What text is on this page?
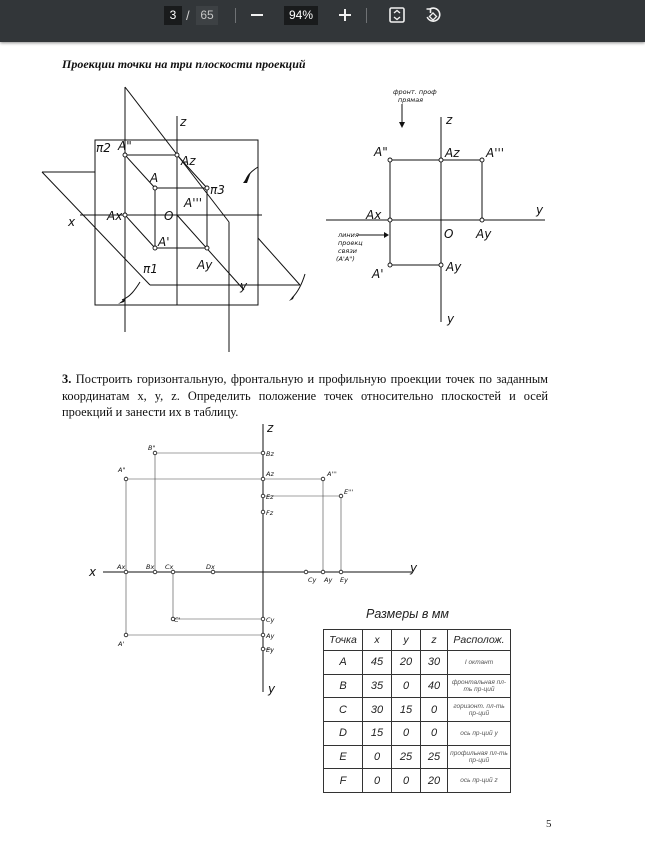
3 / 65	94%
Проекции точки на три плоскости проекций
z
π2 A"
Az
A
π3
x	Ax	O
A'''
A'
π1	Ay
y
фронт. проф
прямая
линия
проекц
связи
(A'A")
z
A"	Az A'''
Ax	y
O Ay
A'	Ay
y
3. Построить горизонтальную, фронтальную и профильную проекции точек по заданным координатам x, y, z. Определить положение точек относительно плоскостей и осей проекций и занести их в таблицу.
z
x	y
y
B"
Bz
A"	Az	A'''
Ez
E'''
Fz
Ax	Bx Cx	Dx
Cy Ay Ey
C'	Cy
Ay
A'
Ey
Размеры в мм
Точка	x	y	z	Располож.
A	45	20	30	I октант
B	35	0	40	фронтальная пл-ть пр-ций
C	30	15	0	горизонт. пл-ть пр-ций
D	15	0	0	ось пр-ций y
E	0	25	25	профильная пл-ть пр-ций
F	0	0	20	ось пр-ций z
5
